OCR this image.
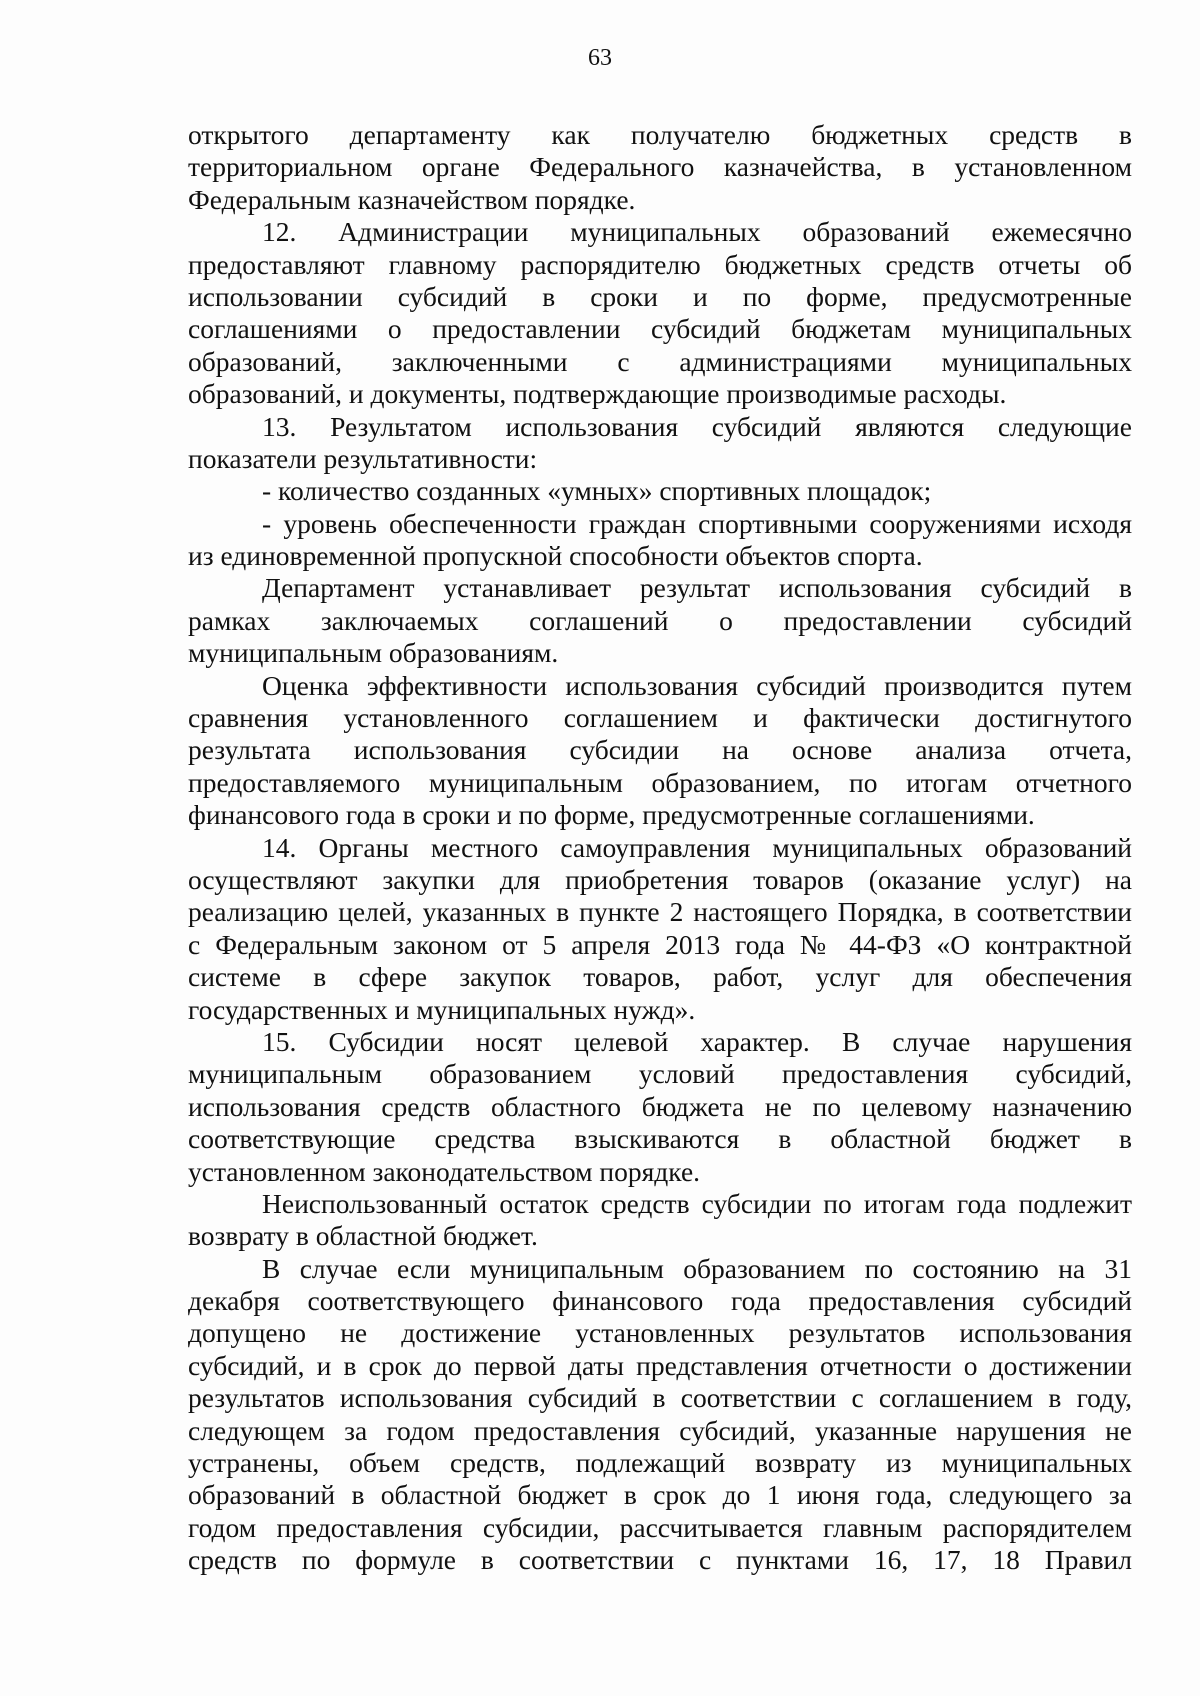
63
открытого департаменту как получателю бюджетных средств в
территориальном органе Федерального казначейства, в установленном
Федеральным казначейством порядке.
12. Администрации муниципальных образований ежемесячно
предоставляют главному распорядителю бюджетных средств отчеты об
использовании субсидий в сроки и по форме, предусмотренные
соглашениями о предоставлении субсидий бюджетам муниципальных
образований, заключенными с администрациями муниципальных
образований, и документы, подтверждающие производимые расходы.
13. Результатом использования субсидий являются следующие
показатели результативности:
- количество созданных «умных» спортивных площадок;
- уровень обеспеченности граждан спортивными сооружениями исходя
из единовременной пропускной способности объектов спорта.
Департамент устанавливает результат использования субсидий в
рамках заключаемых соглашений о предоставлении субсидий
муниципальным образованиям.
Оценка эффективности использования субсидий производится путем
сравнения установленного соглашением и фактически достигнутого
результата использования субсидии на основе анализа отчета,
предоставляемого муниципальным образованием, по итогам отчетного
финансового года в сроки и по форме, предусмотренные соглашениями.
14. Органы местного самоуправления муниципальных образований
осуществляют закупки для приобретения товаров (оказание услуг) на
реализацию целей, указанных в пункте 2 настоящего Порядка, в соответствии
с Федеральным законом от 5 апреля 2013 года № 44-ФЗ «О контрактной
системе в сфере закупок товаров, работ, услуг для обеспечения
государственных и муниципальных нужд».
15. Субсидии носят целевой характер. В случае нарушения
муниципальным образованием условий предоставления субсидий,
использования средств областного бюджета не по целевому назначению
соответствующие средства взыскиваются в областной бюджет в
установленном законодательством порядке.
Неиспользованный остаток средств субсидии по итогам года подлежит
возврату в областной бюджет.
В случае если муниципальным образованием по состоянию на 31
декабря соответствующего финансового года предоставления субсидий
допущено не достижение установленных результатов использования
субсидий, и в срок до первой даты представления отчетности о достижении
результатов использования субсидий в соответствии с соглашением в году,
следующем за годом предоставления субсидий, указанные нарушения не
устранены, объем средств, подлежащий возврату из муниципальных
образований в областной бюджет в срок до 1 июня года, следующего за
годом предоставления субсидии, рассчитывается главным распорядителем
средств по формуле в соответствии с пунктами 16, 17, 18 Правил
